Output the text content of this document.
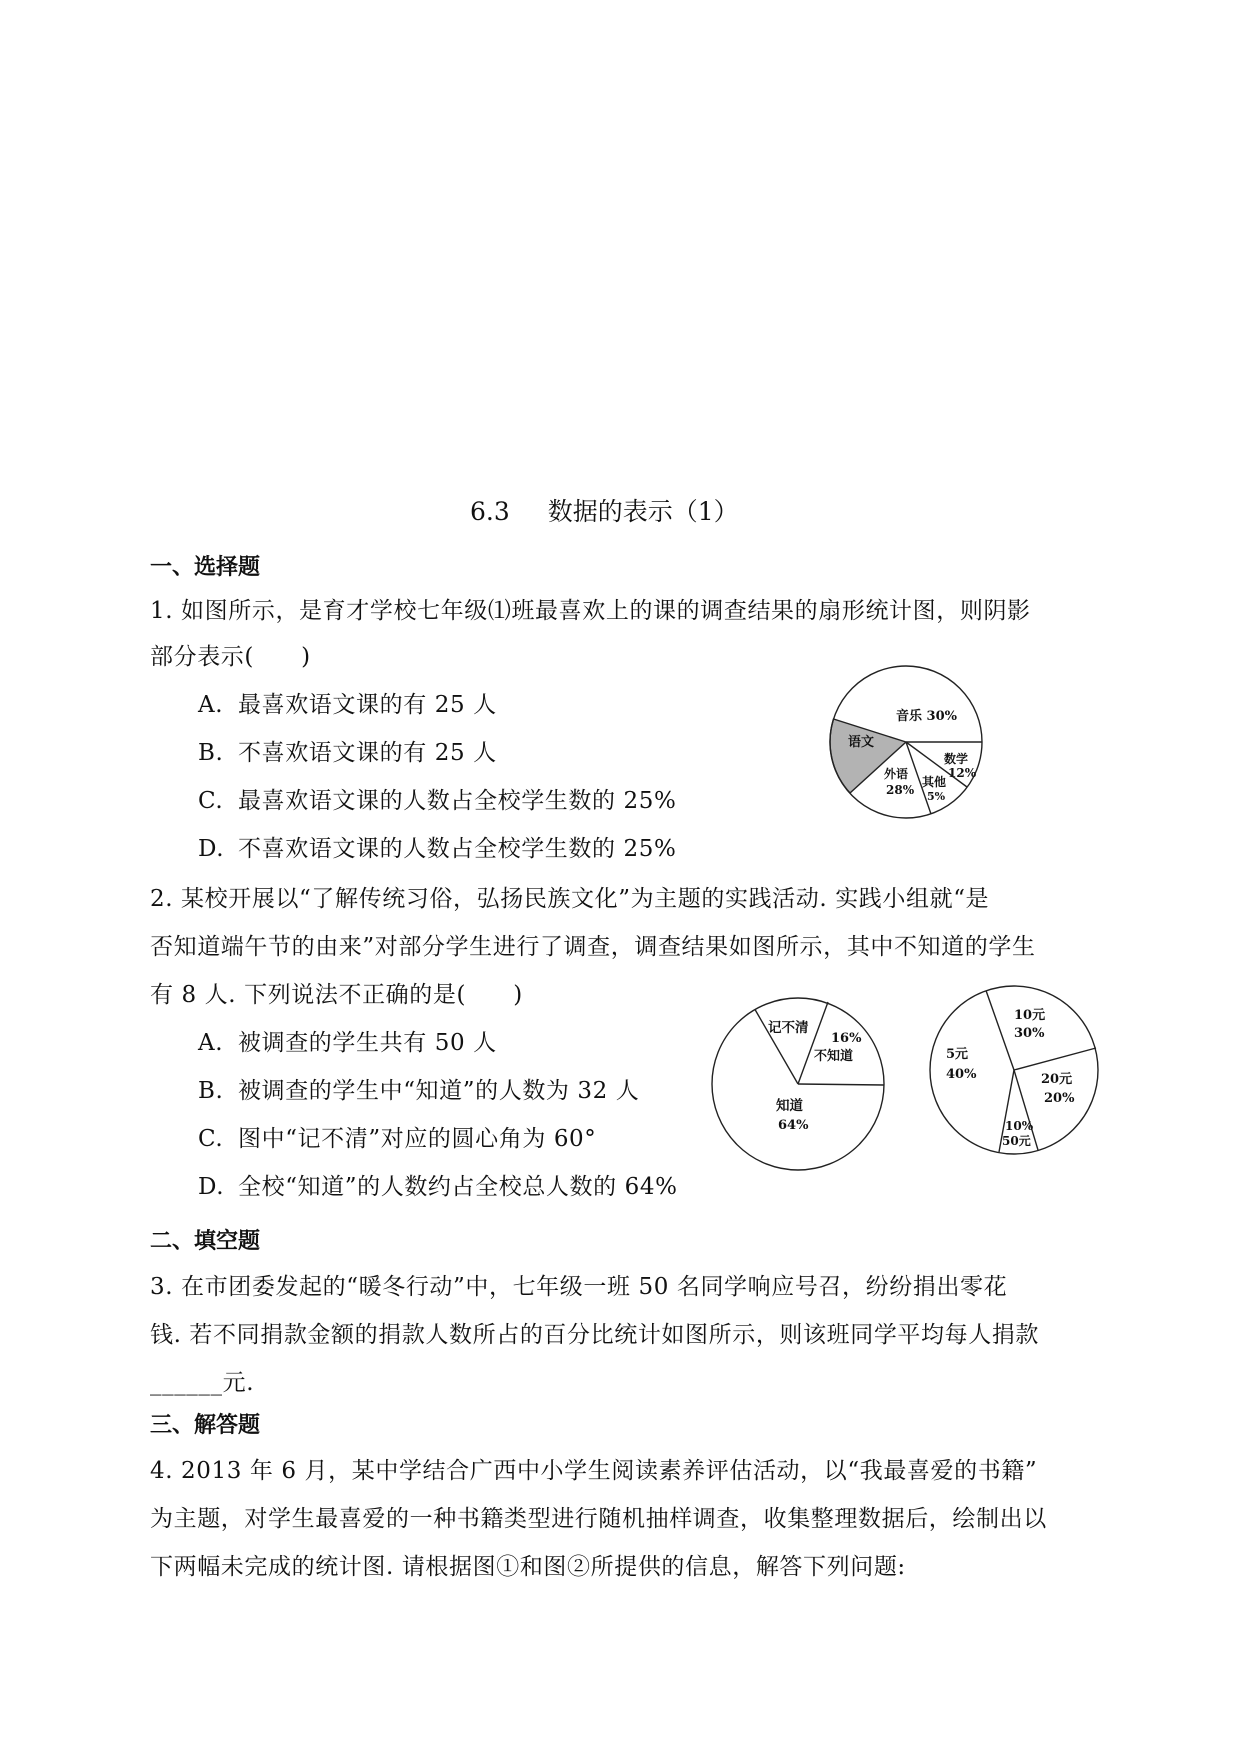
6.3 数据的表示（1）
一、选择题
1. 如图所示，是育才学校七年级⑴班最喜欢上的课的调查结果的扇形统计图，则阴影
部分表示(　　)
A. 最喜欢语文课的有 25 人
B. 不喜欢语文课的有 25 人
C. 最喜欢语文课的人数占全校学生数的 25%
D. 不喜欢语文课的人数占全校学生数的 25%
音乐 30%
语文
数学
12%
其他
5%
外语
28%
2. 某校开展以“了解传统习俗，弘扬民族文化”为主题的实践活动. 实践小组就“是
否知道端午节的由来”对部分学生进行了调查，调查结果如图所示，其中不知道的学生
有 8 人. 下列说法不正确的是(　　)
A. 被调查的学生共有 50 人
B. 被调查的学生中“知道”的人数为 32 人
C. 图中“记不清”对应的圆心角为 60°
D. 全校“知道”的人数约占全校总人数的 64%
记不清
16%
不知道
知道
64%
10元
30%
5元
40%	20元
20%
10%
50元
二、填空题
3. 在市团委发起的“暖冬行动”中，七年级一班 50 名同学响应号召，纷纷捐出零花
钱. 若不同捐款金额的捐款人数所占的百分比统计如图所示，则该班同学平均每人捐款
______元.
三、解答题
4. 2013 年 6 月，某中学结合广西中小学生阅读素养评估活动，以“我最喜爱的书籍”
为主题，对学生最喜爱的一种书籍类型进行随机抽样调查，收集整理数据后，绘制出以
下两幅未完成的统计图. 请根据图①和图②所提供的信息，解答下列问题:
